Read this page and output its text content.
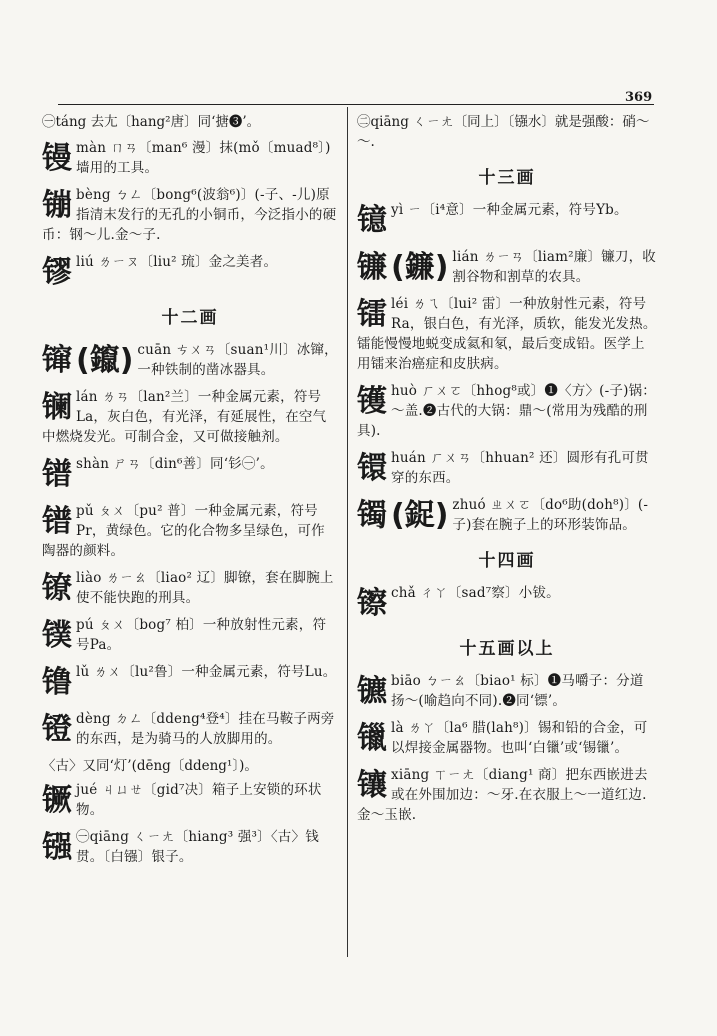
369
㊀táng 去尢〔hang²唐〕同‘搪❸’。
镘màn ㄇㄢ〔man⁶ 漫〕抹(mǒ〔muad⁸〕)墙用的工具。
镚bèng ㄅㄥ〔bong⁶(波翁⁶)〕(-子、-儿)原指清末发行的无孔的小铜币，今泛指小的硬币：钢～儿.金～子.
镠liú ㄌㄧㄡ〔liu² 琉〕金之美者。
十二画
镩 (鑹) cuān ㄘㄨㄢ〔suan¹川〕冰镩，一种铁制的凿冰器具。
镧lán ㄌㄢ〔lan²兰〕一种金属元素，符号La，灰白色，有光泽，有延展性，在空气中燃烧发光。可制合金，又可做接触剂。
镨shàn ㄕㄢ〔din⁶善〕同‘钐㊀’。
镨pǔ ㄆㄨ〔pu² 普〕一种金属元素，符号Pr，黄绿色。它的化合物多呈绿色，可作陶器的颜料。
镣liào ㄌㄧㄠ〔liao² 辽〕脚镣，套在脚腕上使不能快跑的刑具。
镤pú ㄆㄨ〔bog⁷ 柏〕一种放射性元素，符号Pa。
镥lǔ ㄌㄨ〔lu²鲁〕一种金属元素，符号Lu。
镫dèng ㄉㄥ〔ddeng⁴登⁴〕挂在马鞍子两旁的东西，是为骑马的人放脚用的。
〈古〉又同‘灯’(dēng〔ddeng¹〕)。
镢jué ㄐㄩㄝ〔gid⁷决〕箱子上安锁的环状物。
镪 ㊀qiāng ㄑㄧㄤ〔hiang³ 强³〕〈古〉钱贯。〔白镪〕银子。
㊁qiāng ㄑㄧㄤ〔同上〕〔镪水〕就是强酸：硝～～.
十三画
镱yì ㄧ〔i⁴意〕一种金属元素，符号Yb。
镰 (鐮) lián ㄌㄧㄢ〔liam²廉〕镰刀，收割谷物和割草的农具。
镭léi ㄌㄟ〔lui² 雷〕一种放射性元素，符号Ra，银白色，有光泽，质软，能发光发热。镭能慢慢地蜕变成氦和氡，最后变成铅。医学上用镭来治癌症和皮肤病。
镬huò ㄏㄨㄛ〔hhog⁸或〕❶〈方〉(-子)锅：～盖.❷古代的大锅：鼎～(常用为残酷的刑具).
镮huán ㄏㄨㄢ〔hhuan² 还〕圆形有孔可贯穿的东西。
镯 (鋜) zhuó ㄓㄨㄛ〔do⁶助(doh⁸)〕(-子)套在腕子上的环形装饰品。
十四画
镲chǎ ㄔㄚ〔sad⁷察〕小钹。
十五画以上
镳biāo ㄅㄧㄠ〔biao¹ 标〕❶马嚼子：分道扬～(喻趋向不同).❷同‘镖’。
镴là ㄌㄚ〔la⁶ 腊(lah⁸)〕锡和铅的合金，可以焊接金属器物。也叫‘白镴’或‘锡镴’。
镶xiāng ㄒㄧㄤ〔diang¹ 商〕把东西嵌进去或在外围加边：～牙.在衣服上～一道红边.金～玉嵌.
